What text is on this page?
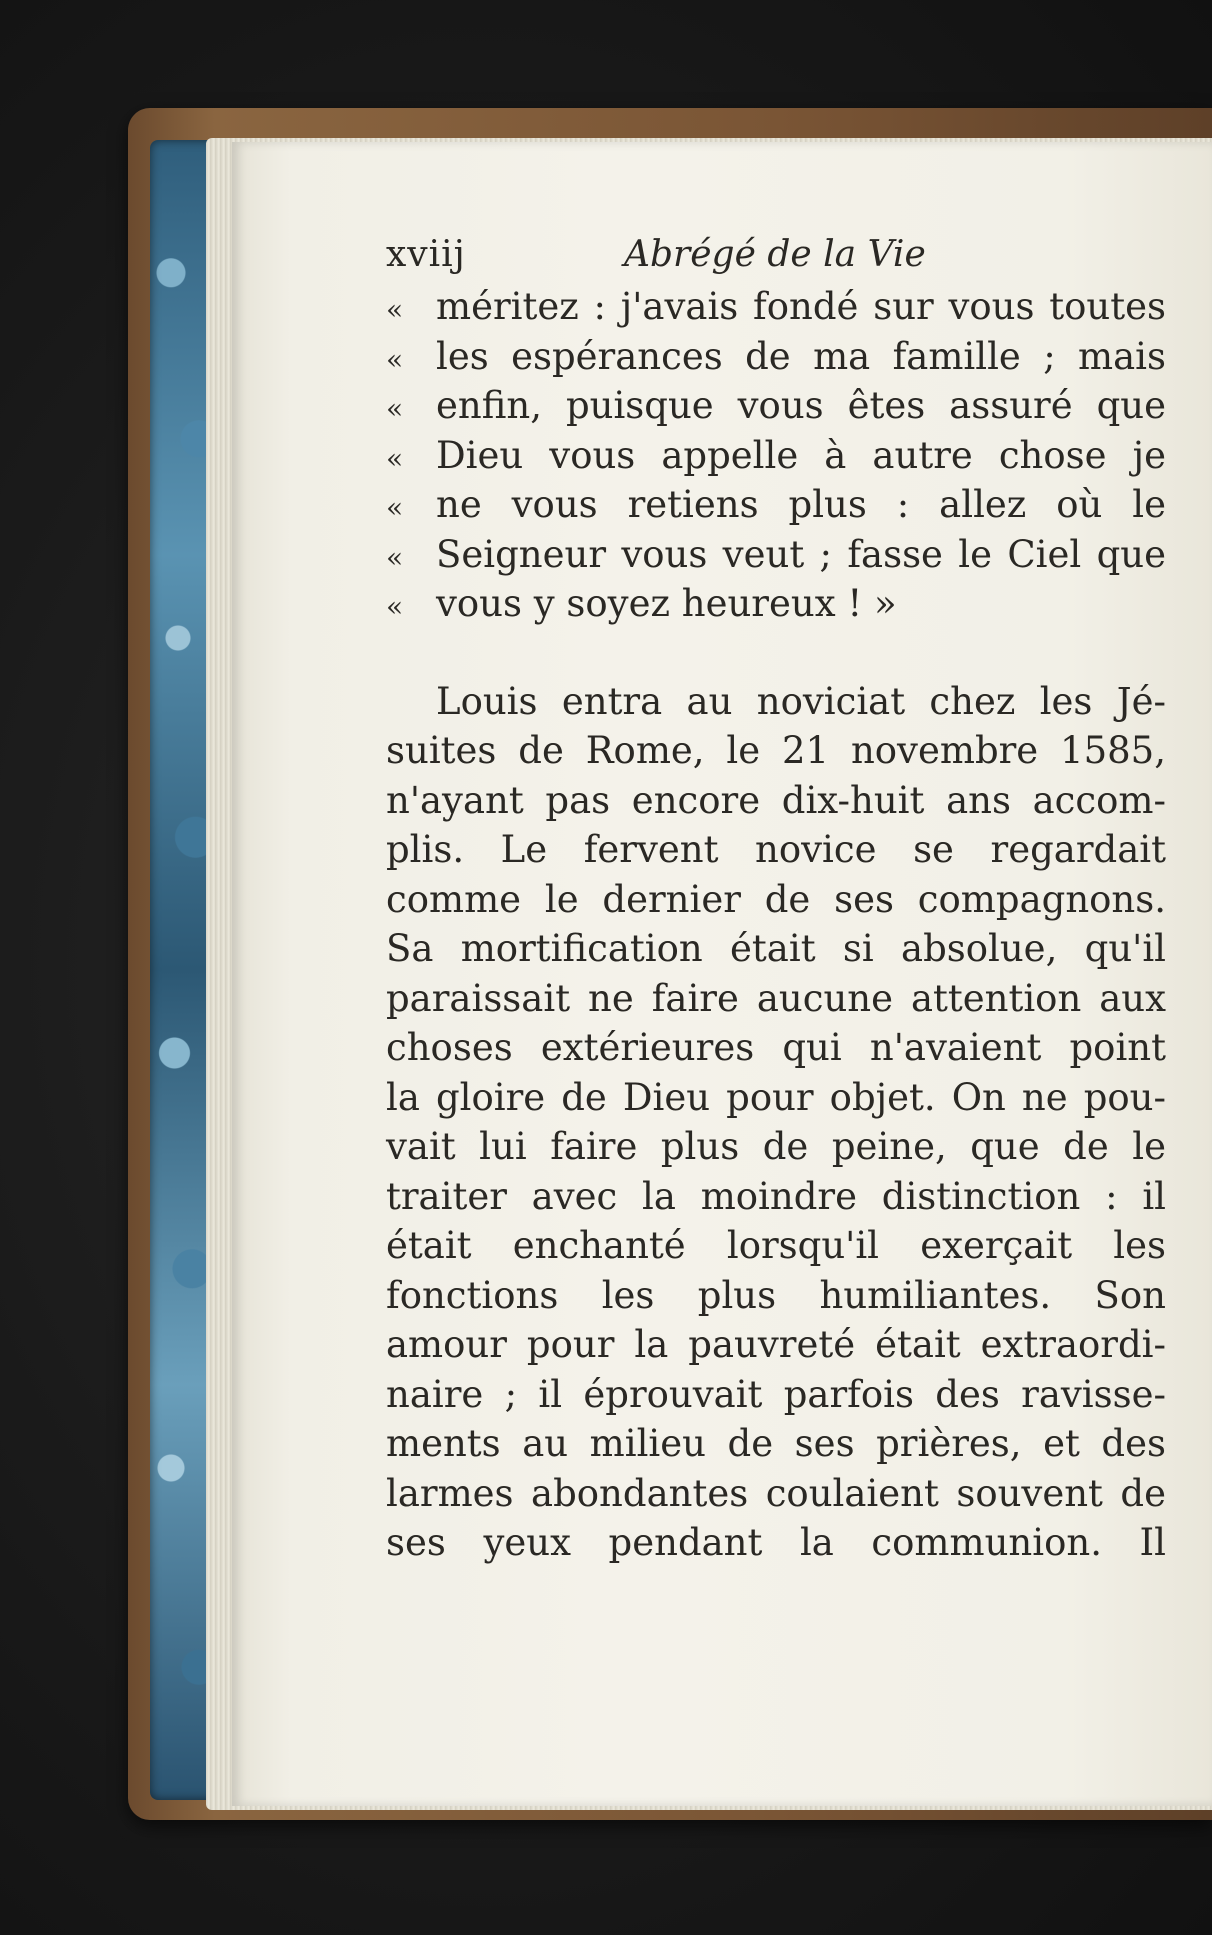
xviij	Abrégé de la Vie
« méritez : j'avais fondé sur vous toutes
« les espérances de ma famille ; mais
« enfin, puisque vous êtes assuré que
« Dieu vous appelle à autre chose je
« ne vous retiens plus : allez où le
« Seigneur vous veut ; fasse le Ciel que
« vous y soyez heureux ! »
Louis entra au noviciat chez les Jé-
suites de Rome, le 21 novembre 1585,
n'ayant pas encore dix-huit ans accom-
plis. Le fervent novice se regardait
comme le dernier de ses compagnons.
Sa mortification était si absolue, qu'il
paraissait ne faire aucune attention aux
choses extérieures qui n'avaient point
la gloire de Dieu pour objet. On ne pou-
vait lui faire plus de peine, que de le
traiter avec la moindre distinction : il
était enchanté lorsqu'il exerçait les
fonctions les plus humiliantes. Son
amour pour la pauvreté était extraordi-
naire ; il éprouvait parfois des ravisse-
ments au milieu de ses prières, et des
larmes abondantes coulaient souvent de
ses yeux pendant la communion. Il
